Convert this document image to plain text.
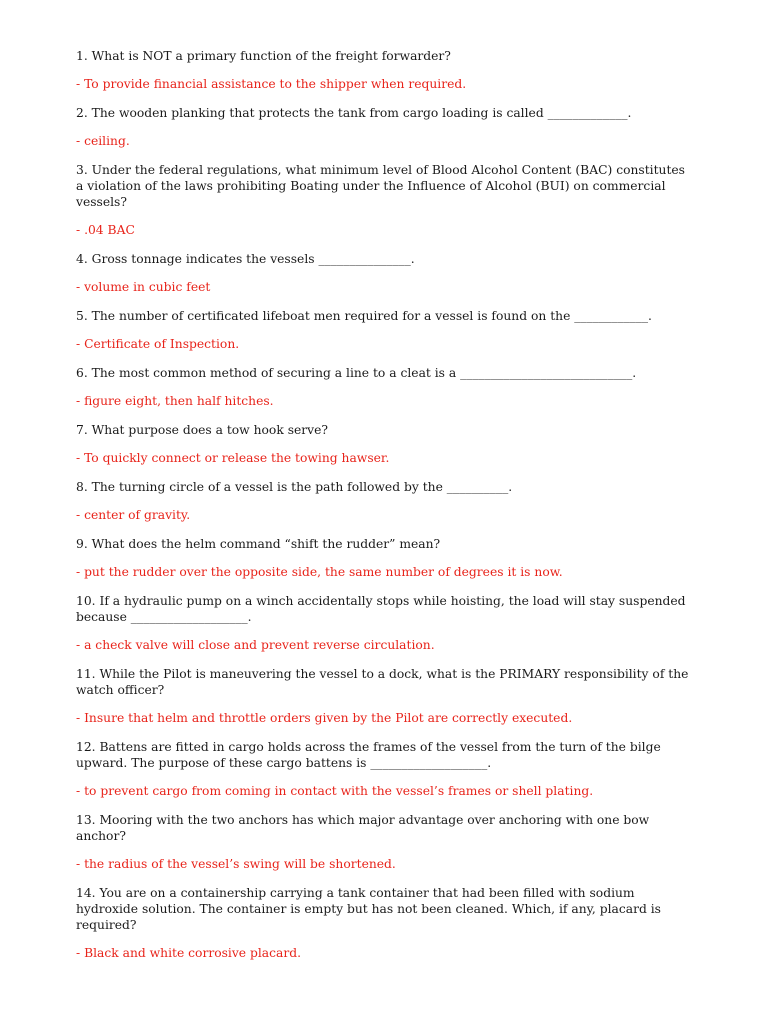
1. What is NOT a primary function of the freight forwarder?

- To provide financial assistance to the shipper when required.

2. The wooden planking that protects the tank from cargo loading is called _____________.

- ceiling.

3. Under the federal regulations, what minimum level of Blood Alcohol Content (BAC) constitutes a violation of the laws prohibiting Boating under the Influence of Alcohol (BUI) on commercial vessels?

- .04 BAC

4. Gross tonnage indicates the vessels _______________.

- volume in cubic feet

5. The number of certificated lifeboat men required for a vessel is found on the ____________.

- Certificate of Inspection.

6. The most common method of securing a line to a cleat is a ____________________________.

- figure eight, then half hitches.

7. What purpose does a tow hook serve?

- To quickly connect or release the towing hawser.

8. The turning circle of a vessel is the path followed by the __________.

- center of gravity.

9. What does the helm command “shift the rudder” mean?

- put the rudder over the opposite side, the same number of degrees it is now.

10. If a hydraulic pump on a winch accidentally stops while hoisting, the load will stay suspended because ___________________.

- a check valve will close and prevent reverse circulation.

11. While the Pilot is maneuvering the vessel to a dock, what is the PRIMARY responsibility of the watch officer?

- Insure that helm and throttle orders given by the Pilot are correctly executed.

12. Battens are fitted in cargo holds across the frames of the vessel from the turn of the bilge upward. The purpose of these cargo battens is ___________________.

- to prevent cargo from coming in contact with the vessel’s frames or shell plating.

13. Mooring with the two anchors has which major advantage over anchoring with one bow anchor?

- the radius of the vessel’s swing will be shortened.

14. You are on a containership carrying a tank container that had been filled with sodium hydroxide solution. The container is empty but has not been cleaned. Which, if any, placard is required?

- Black and white corrosive placard.
